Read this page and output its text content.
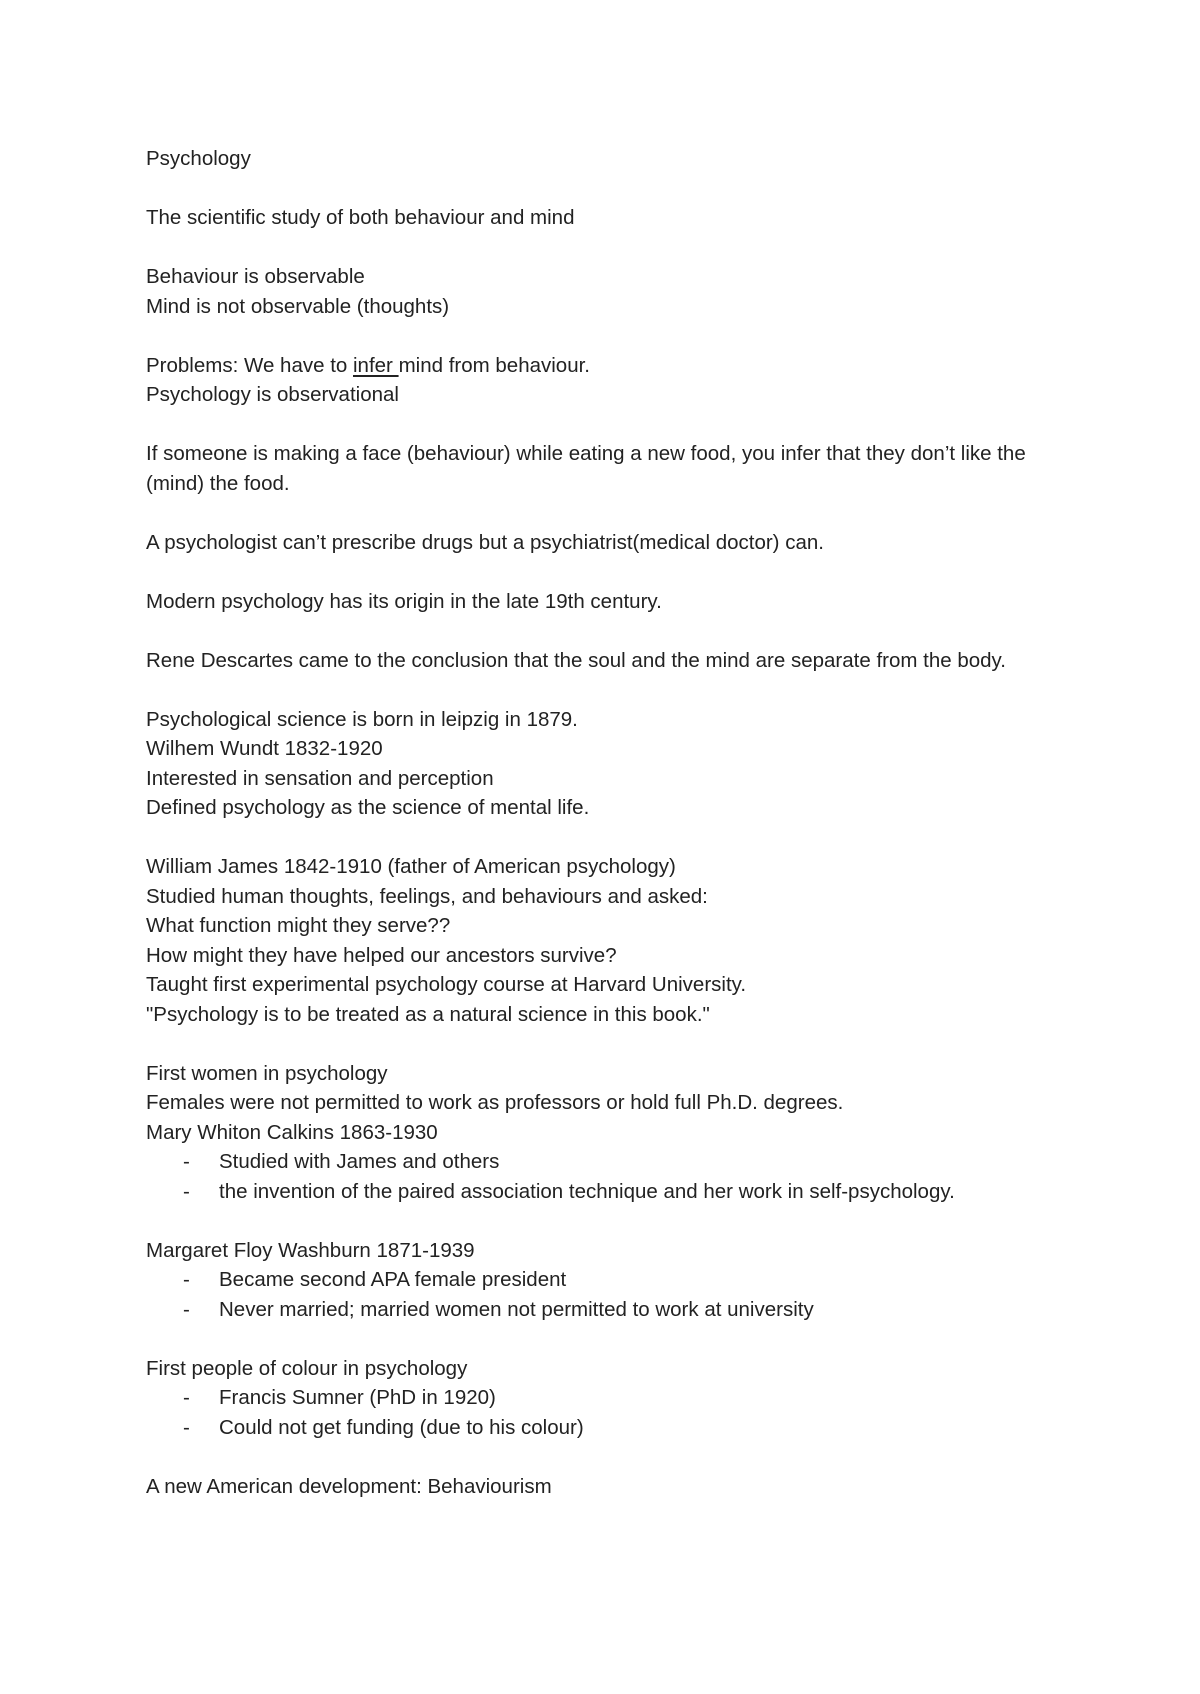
Psychology

The scientific study of both behaviour and mind

Behaviour is observable

Mind is not observable (thoughts)

Problems: We have to infer mind from behaviour.

Psychology is observational

If someone is making a face (behaviour) while eating a new food, you infer that they don’t like the (mind) the food.

A psychologist can’t prescribe drugs but a psychiatrist(medical doctor) can.

Modern psychology has its origin in the late 19th century.

Rene Descartes came to the conclusion that the soul and the mind are separate from the body.

Psychological science is born in leipzig in 1879.

Wilhem Wundt 1832-1920

Interested in sensation and perception

Defined psychology as the science of mental life.

William James 1842-1910 (father of American psychology)

Studied human thoughts, feelings, and behaviours and asked:

What function might they serve??

How might they have helped our ancestors survive?

Taught first experimental psychology course at Harvard University.

"Psychology is to be treated as a natural science in this book."

First women in psychology

Females were not permitted to work as professors or hold full Ph.D. degrees.

Mary Whiton Calkins 1863-1930

- Studied with James and others
- the invention of the paired association technique and her work in self-psychology.

Margaret Floy Washburn 1871-1939

- Became second APA female president
- Never married; married women not permitted to work at university

First people of colour in psychology

- Francis Sumner (PhD in 1920)
- Could not get funding (due to his colour)

A new American development: Behaviourism
